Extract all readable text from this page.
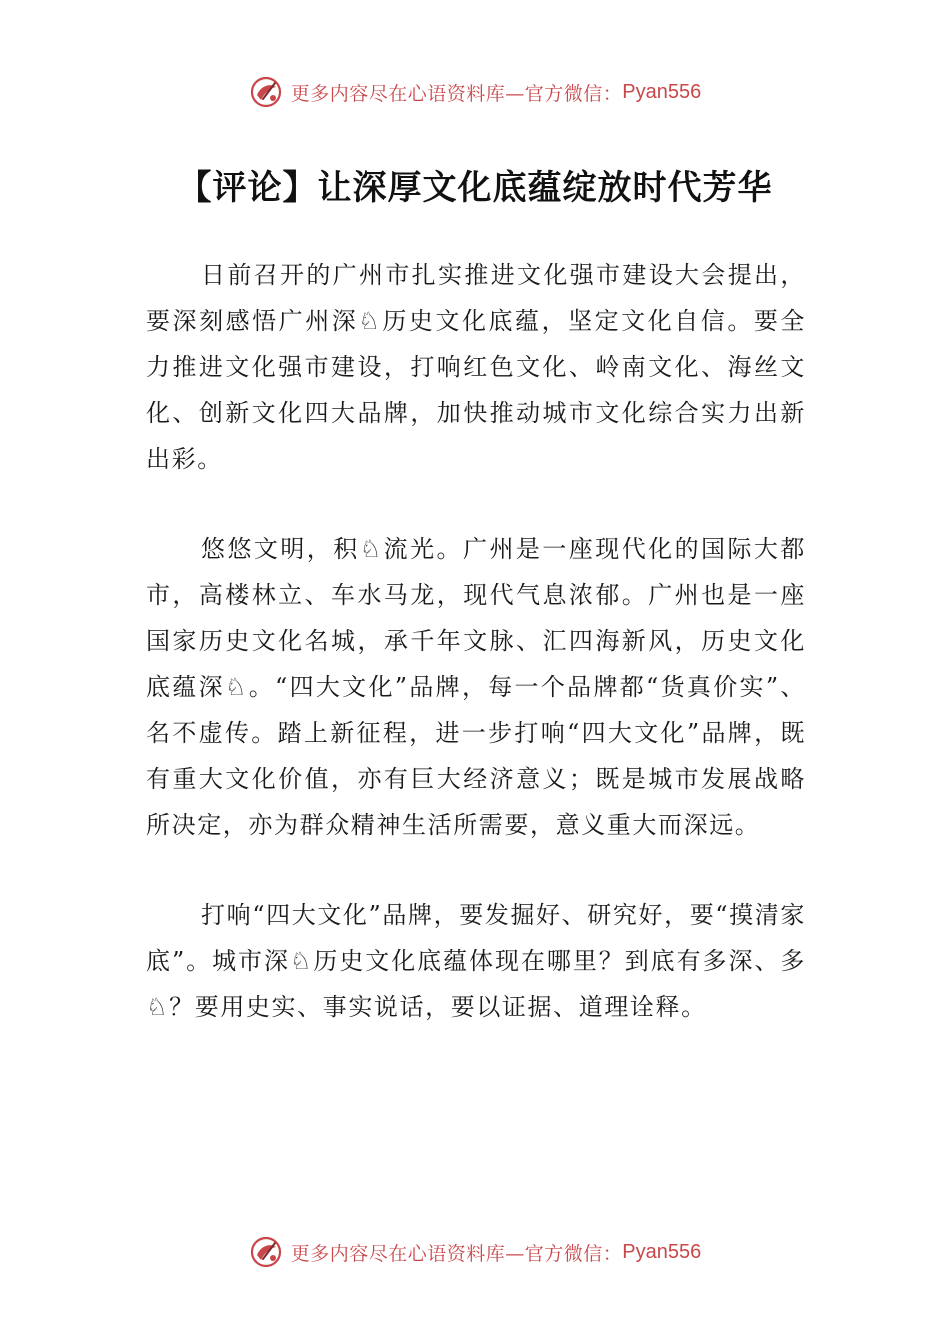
更多内容尽在心语资料库—官方微信： Pyan556
【评论】让深厚文化底蕴绽放时代芳华

日前召开的广州市扎实推进文化强市建设大会提出，要深刻感悟广州深♘历史文化底蕴，坚定文化自信。要全力推进文化强市建设，打响红色文化、岭南文化、海丝文化、创新文化四大品牌，加快推动城市文化综合实力出新出彩。

悠悠文明，积♘流光。广州是一座现代化的国际大都市，高楼林立、车水马龙，现代气息浓郁。广州也是一座国家历史文化名城，承千年文脉、汇四海新风，历史文化底蕴深♘。“四大文化”品牌，每一个品牌都“货真价实”、名不虚传。踏上新征程，进一步打响“四大文化”品牌，既有重大文化价值，亦有巨大经济意义；既是城市发展战略所决定，亦为群众精神生活所需要，意义重大而深远。

打响“四大文化”品牌，要发掘好、研究好，要“摸清家底”。城市深♘历史文化底蕴体现在哪里？到底有多深、多♘？要用史实、事实说话，要以证据、道理诠释。

更多内容尽在心语资料库—官方微信： Pyan556
